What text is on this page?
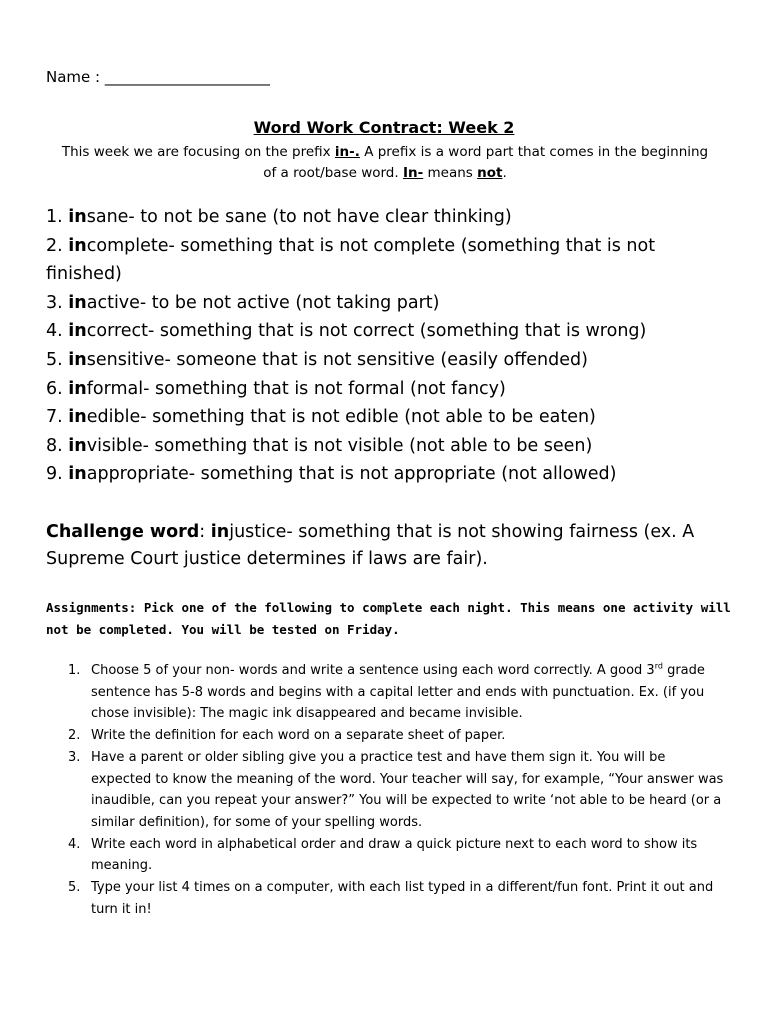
Name : ______________________
Word Work Contract: Week 2
This week we are focusing on the prefix in-. A prefix is a word part that comes in the beginning of a root/base word. In- means not.
1. insane- to not be sane (to not have clear thinking)
2. incomplete- something that is not complete (something that is not finished)
3. inactive- to be not active (not taking part)
4. incorrect- something that is not correct (something that is wrong)
5. insensitive- someone that is not sensitive (easily offended)
6. informal- something that is not formal (not fancy)
7. inedible- something that is not edible (not able to be eaten)
8. invisible- something that is not visible (not able to be seen)
9. inappropriate- something that is not appropriate (not allowed)
Challenge word: injustice- something that is not showing fairness (ex. A Supreme Court justice determines if laws are fair).
Assignments: Pick one of the following to complete each night. This means one activity will not be completed. You will be tested on Friday.
1. Choose 5 of your non- words and write a sentence using each word correctly. A good 3rd grade sentence has 5-8 words and begins with a capital letter and ends with punctuation. Ex. (if you chose invisible): The magic ink disappeared and became invisible.
2. Write the definition for each word on a separate sheet of paper.
3. Have a parent or older sibling give you a practice test and have them sign it. You will be expected to know the meaning of the word. Your teacher will say, for example, “Your answer was inaudible, can you repeat your answer?” You will be expected to write ‘not able to be heard (or a similar definition), for some of your spelling words.
4. Write each word in alphabetical order and draw a quick picture next to each word to show its meaning.
5. Type your list 4 times on a computer, with each list typed in a different/fun font. Print it out and turn it in!
